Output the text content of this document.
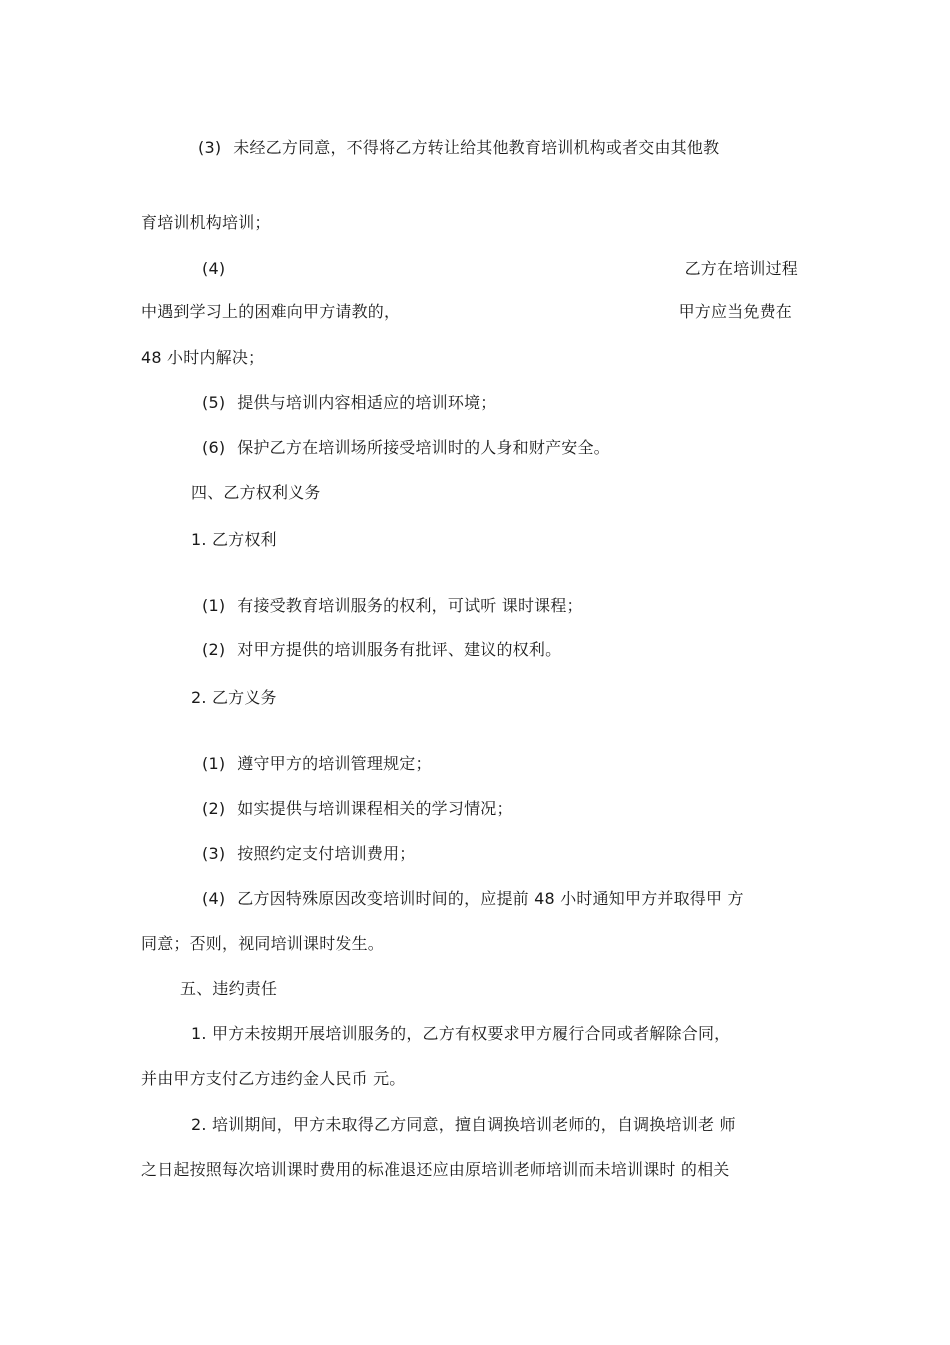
(3) 未经乙方同意，不得将乙方转让给其他教育培训机构或者交由其他教
育培训机构培训；
(4)	乙方在培训过程
中遇到学习上的困难向甲方请教的，	甲方应当免费在
48 小时内解决；
(5) 提供与培训内容相适应的培训环境；
(6) 保护乙方在培训场所接受培训时的人身和财产安全。
四、乙方权利义务
1. 乙方权利
(1) 有接受教育培训服务的权利，可试听 课时课程；
(2) 对甲方提供的培训服务有批评、建议的权利。
2. 乙方义务
(1) 遵守甲方的培训管理规定；
(2) 如实提供与培训课程相关的学习情况；
(3) 按照约定支付培训费用；
(4) 乙方因特殊原因改变培训时间的，应提前 48 小时通知甲方并取得甲 方
同意；否则，视同培训课时发生。
五、违约责任
1. 甲方未按期开展培训服务的，乙方有权要求甲方履行合同或者解除合同，
并由甲方支付乙方违约金人民币 元。
2. 培训期间，甲方未取得乙方同意，擅自调换培训老师的，自调换培训老 师
之日起按照每次培训课时费用的标准退还应由原培训老师培训而未培训课时 的相关
